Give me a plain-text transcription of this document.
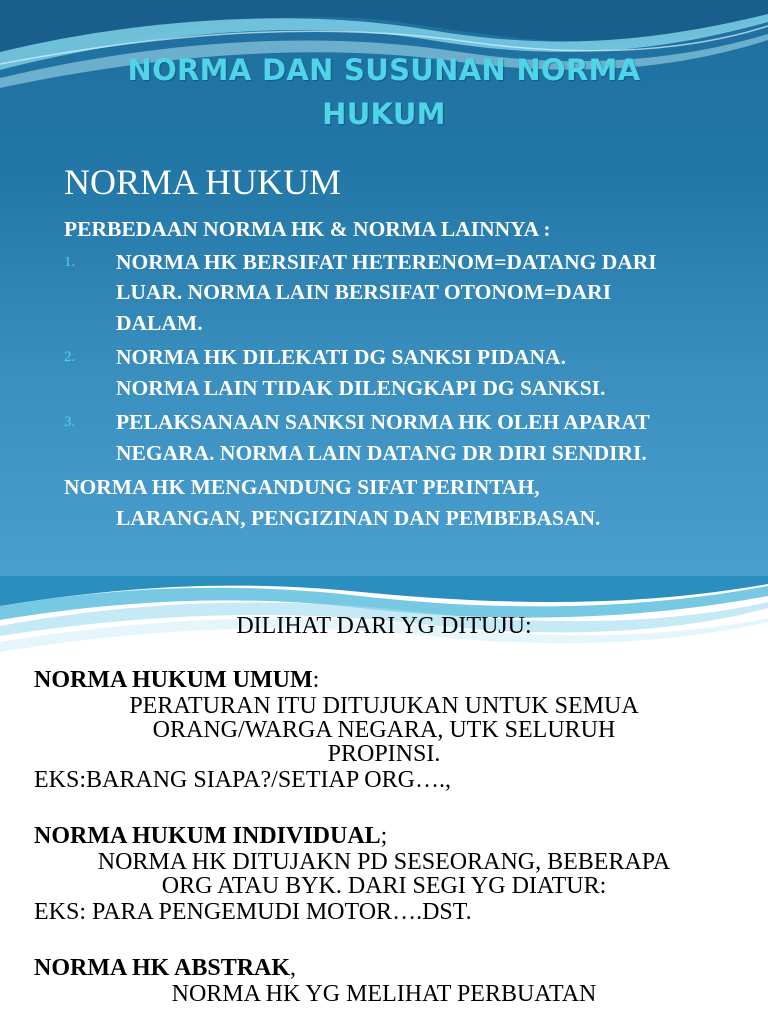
NORMA DAN SUSUNAN NORMA
HUKUM
NORMA HUKUM

PERBEDAAN NORMA HK & NORMA LAINNYA :

1. NORMA HK BERSIFAT HETERENOM=DATANG DARI
LUAR. NORMA LAIN BERSIFAT OTONOM=DARI
DALAM.
2. NORMA HK DILEKATI DG SANKSI PIDANA.
NORMA LAIN TIDAK DILENGKAPI DG SANKSI.
3. PELAKSANAAN SANKSI NORMA HK OLEH APARAT
NEGARA. NORMA LAIN DATANG DR DIRI SENDIRI.

NORMA HK MENGANDUNG SIFAT PERINTAH,
LARANGAN, PENGIZINAN DAN PEMBEBASAN.

DILIHAT DARI YG DITUJU:

NORMA HUKUM UMUM:

PERATURAN ITU DITUJUKAN UNTUK SEMUA

ORANG/WARGA NEGARA, UTK SELURUH

PROPINSI.

EKS:BARANG SIAPA?/SETIAP ORG….,

NORMA HUKUM INDIVIDUAL;

NORMA HK DITUJAKN PD SESEORANG, BEBERAPA

ORG ATAU BYK. DARI SEGI YG DIATUR:

EKS: PARA PENGEMUDI MOTOR….DST.

NORMA HK ABSTRAK,

NORMA HK YG MELIHAT PERBUATAN
